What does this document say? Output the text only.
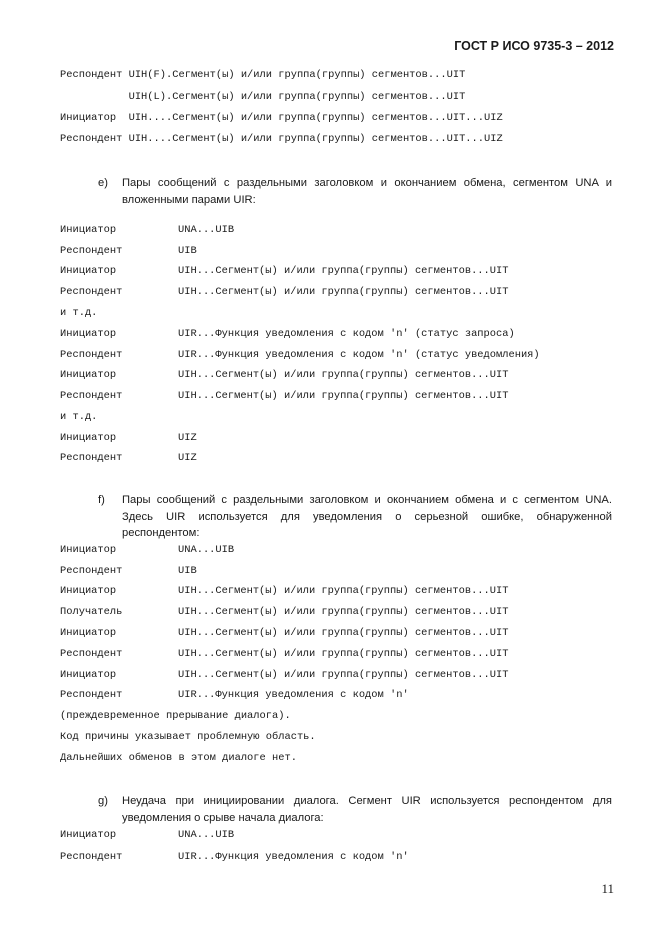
ГОСТ Р ИСО 9735-3 – 2012
Респондент UIH(F).Сегмент(ы) и/или группа(группы) сегментов...UIT
UIH(L).Сегмент(ы) и/или группа(группы) сегментов...UIT
Инициатор  UIH....Сегмент(ы) и/или группа(группы) сегментов...UIT...UIZ
Респондент UIH....Сегмент(ы) и/или группа(группы) сегментов...UIT...UIZ
e) Пары сообщений с раздельными заголовком и окончанием обмена, сегментом UNA и вложенными парами UIR:
Инициатор	UNA...UIB
Респондент	UIB
Инициатор	UIH...Сегмент(ы) и/или группа(группы) сегментов...UIT
Респондент	UIH...Сегмент(ы) и/или группа(группы) сегментов...UIT
и т.д.
Инициатор	UIR...Функция уведомления с кодом 'n' (статус запроса)
Респондент	UIR...Функция уведомления с кодом 'n' (статус уведомления)
Инициатор	UIH...Сегмент(ы) и/или группа(группы) сегментов...UIT
Респондент	UIH...Сегмент(ы) и/или группа(группы) сегментов...UIT
и т.д.
Инициатор	UIZ
Респондент	UIZ
f) Пары сообщений с раздельными заголовком и окончанием обмена и с сегментом UNA. Здесь UIR используется для уведомления о серьезной ошибке, обнаруженной респондентом:
Инициатор	UNA...UIB
Респондент	UIB
Инициатор	UIH...Сегмент(ы) и/или группа(группы) сегментов...UIT
Получатель	UIH...Сегмент(ы) и/или группа(группы) сегментов...UIT
Инициатор	UIH...Сегмент(ы) и/или группа(группы) сегментов...UIT
Респондент	UIH...Сегмент(ы) и/или группа(группы) сегментов...UIT
Инициатор	UIH...Сегмент(ы) и/или группа(группы) сегментов...UIT
Респондент	UIR...Функция уведомления с кодом 'n'
(преждевременное прерывание диалога).
Код причины указывает проблемную область.
Дальнейших обменов в этом диалоге нет.
g) Неудача при инициировании диалога. Сегмент UIR используется респондентом для уведомления о срыве начала диалога:
Инициатор	UNA...UIB
Респондент	UIR...Функция уведомления с кодом 'n'
11
